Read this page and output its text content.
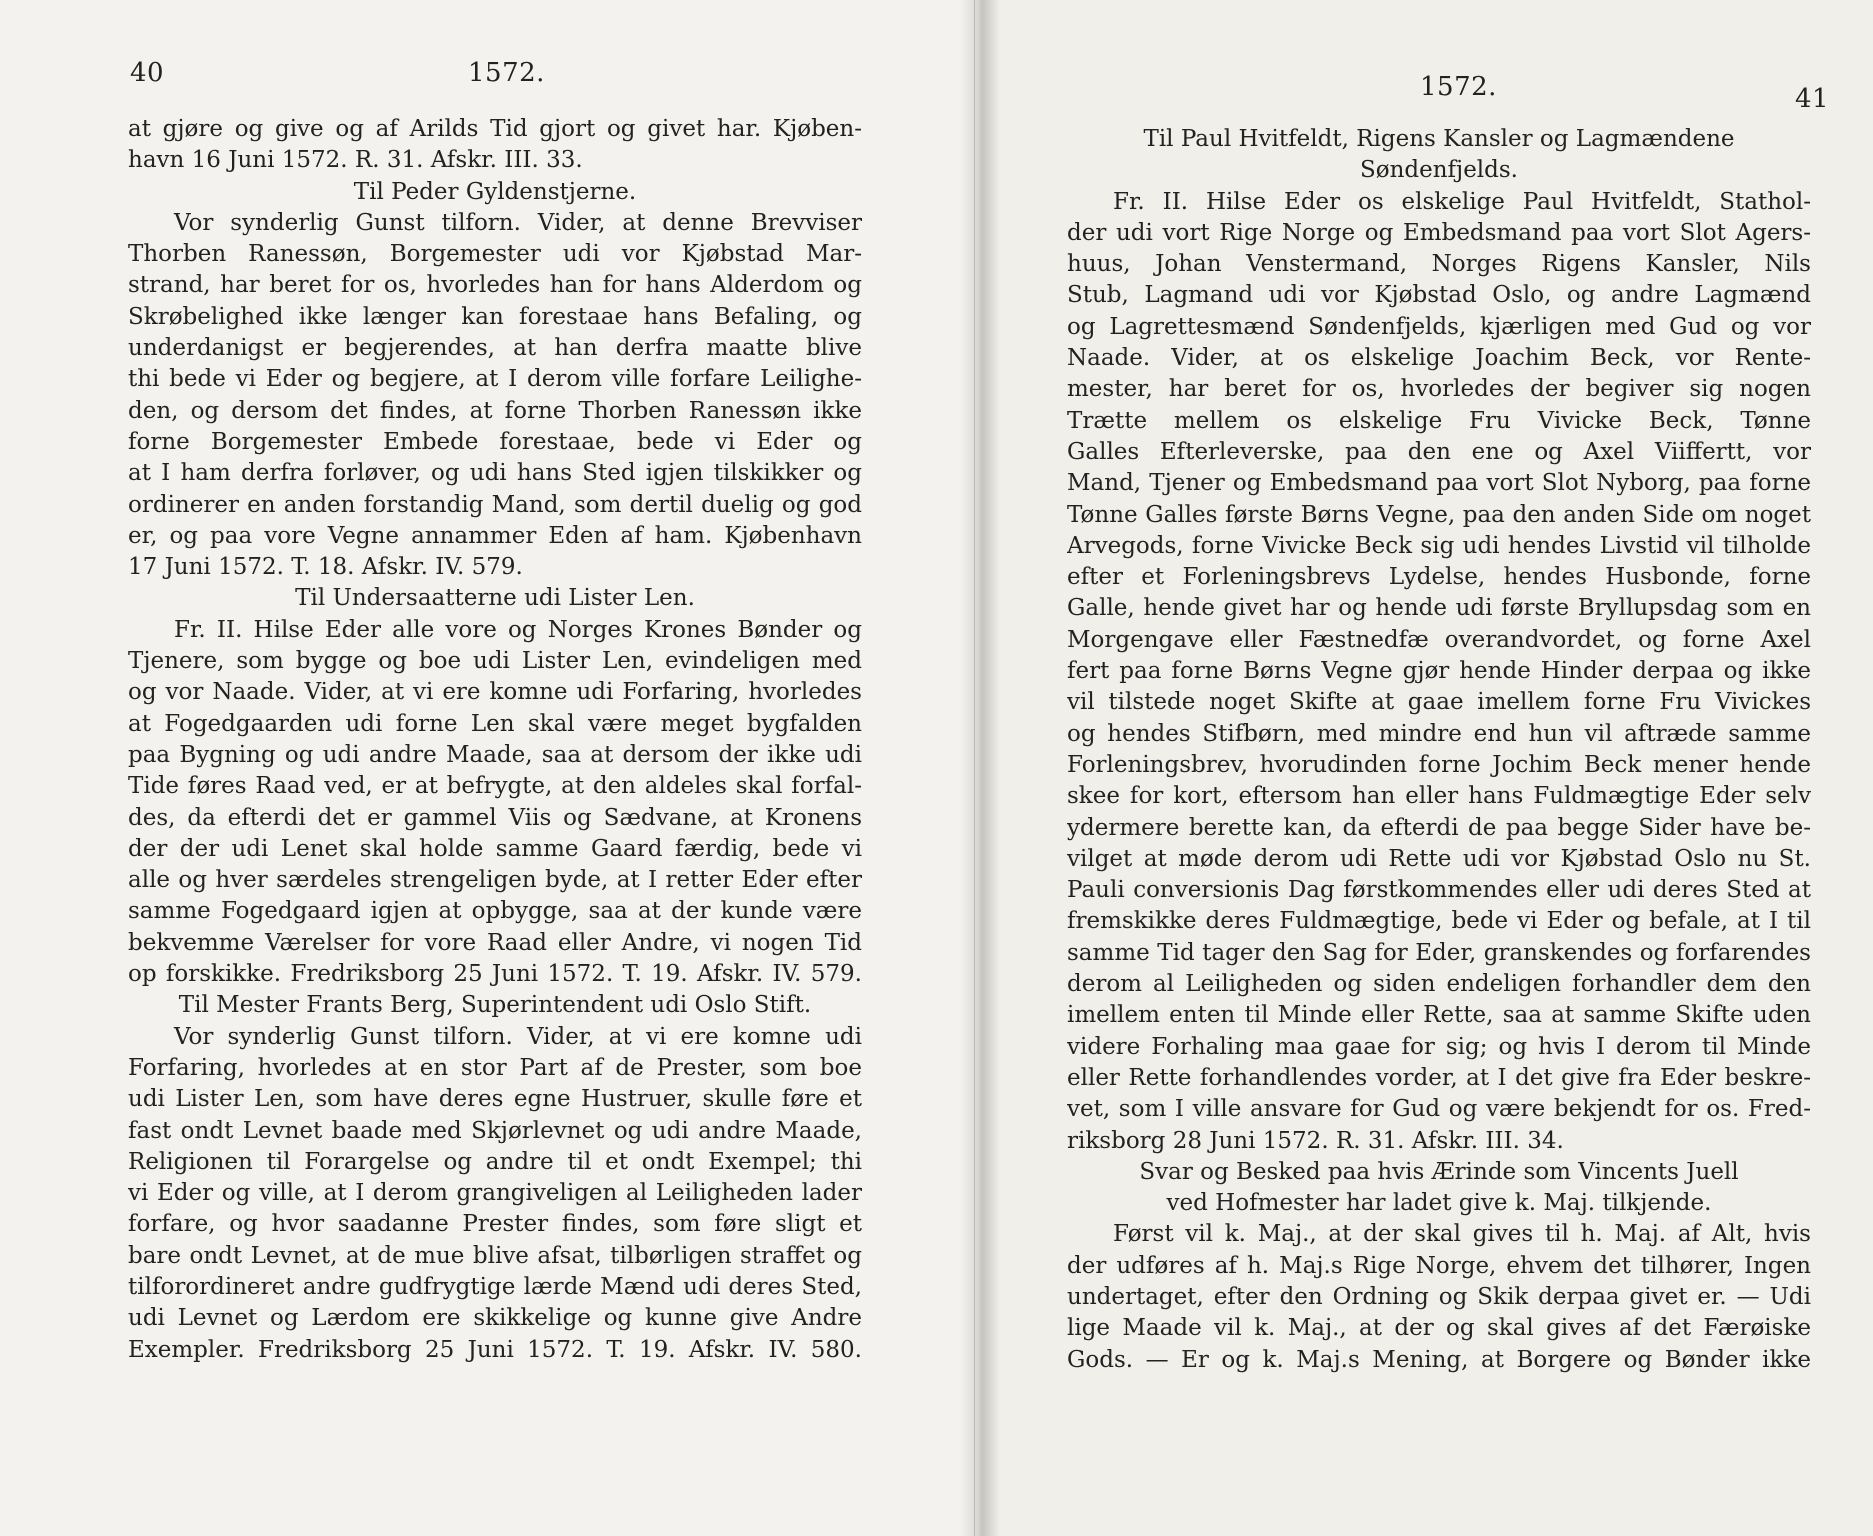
40	1572.
at gjøre og give og af Arilds Tid gjort og givet har. Kjøben-
havn 16 Juni 1572. R. 31. Afskr. III. 33.
Til Peder Gyldenstjerne.
Vor synderlig Gunst tilforn. Vider, at denne Brevviser
Thorben Ranessøn, Borgemester udi vor Kjøbstad Mar-
strand, har beret for os, hvorledes han for hans Alderdom og
Skrøbelighed ikke længer kan forestaae hans Befaling, og
underdanigst er begjerendes, at han derfra maatte blive
thi bede vi Eder og begjere, at I derom ville forfare Leilighe-
den, og dersom det findes, at forne Thorben Ranessøn ikke
forne Borgemester Embede forestaae, bede vi Eder og
at I ham derfra forløver, og udi hans Sted igjen tilskikker og
ordinerer en anden forstandig Mand, som dertil duelig og god
er, og paa vore Vegne annammer Eden af ham. Kjøbenhavn
17 Juni 1572. T. 18. Afskr. IV. 579.
Til Undersaatterne udi Lister Len.
Fr. II. Hilse Eder alle vore og Norges Krones Bønder og
Tjenere, som bygge og boe udi Lister Len, evindeligen med
og vor Naade. Vider, at vi ere komne udi Forfaring, hvorledes
at Fogedgaarden udi forne Len skal være meget bygfalden
paa Bygning og udi andre Maade, saa at dersom der ikke udi
Tide føres Raad ved, er at befrygte, at den aldeles skal forfal-
des, da efterdi det er gammel Viis og Sædvane, at Kronens
der der udi Lenet skal holde samme Gaard færdig, bede vi
alle og hver særdeles strengeligen byde, at I retter Eder efter
samme Fogedgaard igjen at opbygge, saa at der kunde være
bekvemme Værelser for vore Raad eller Andre, vi nogen Tid
op forskikke. Fredriksborg 25 Juni 1572. T. 19. Afskr. IV. 579.
Til Mester Frants Berg, Superintendent udi Oslo Stift.
Vor synderlig Gunst tilforn. Vider, at vi ere komne udi
Forfaring, hvorledes at en stor Part af de Prester, som boe
udi Lister Len, som have deres egne Hustruer, skulle føre et
fast ondt Levnet baade med Skjørlevnet og udi andre Maade,
Religionen til Forargelse og andre til et ondt Exempel; thi
vi Eder og ville, at I derom grangiveligen al Leiligheden lader
forfare, og hvor saadanne Prester findes, som føre sligt et
bare ondt Levnet, at de mue blive afsat, tilbørligen straffet og
tilforordineret andre gudfrygtige lærde Mænd udi deres Sted,
udi Levnet og Lærdom ere skikkelige og kunne give Andre
Exempler. Fredriksborg 25 Juni 1572. T. 19. Afskr. IV. 580.
1572.	41
Til Paul Hvitfeldt, Rigens Kansler og Lagmændene
Søndenfjelds.
Fr. II. Hilse Eder os elskelige Paul Hvitfeldt, Stathol-
der udi vort Rige Norge og Embedsmand paa vort Slot Agers-
huus, Johan Venstermand, Norges Rigens Kansler, Nils
Stub, Lagmand udi vor Kjøbstad Oslo, og andre Lagmænd
og Lagrettesmænd Søndenfjelds, kjærligen med Gud og vor
Naade. Vider, at os elskelige Joachim Beck, vor Rente-
mester, har beret for os, hvorledes der begiver sig nogen
Trætte mellem os elskelige Fru Vivicke Beck, Tønne
Galles Efterleverske, paa den ene og Axel Viiffertt, vor
Mand, Tjener og Embedsmand paa vort Slot Nyborg, paa forne
Tønne Galles første Børns Vegne, paa den anden Side om noget
Arvegods, forne Vivicke Beck sig udi hendes Livstid vil tilholde
efter et Forleningsbrevs Lydelse, hendes Husbonde, forne
Galle, hende givet har og hende udi første Bryllupsdag som en
Morgengave eller Fæstnedfæ overandvordet, og forne Axel
fert paa forne Børns Vegne gjør hende Hinder derpaa og ikke
vil tilstede noget Skifte at gaae imellem forne Fru Vivickes
og hendes Stifbørn, med mindre end hun vil aftræde samme
Forleningsbrev, hvorudinden forne Jochim Beck mener hende
skee for kort, eftersom han eller hans Fuldmægtige Eder selv
ydermere berette kan, da efterdi de paa begge Sider have be-
vilget at møde derom udi Rette udi vor Kjøbstad Oslo nu St.
Pauli conversionis Dag førstkommendes eller udi deres Sted at
fremskikke deres Fuldmægtige, bede vi Eder og befale, at I til
samme Tid tager den Sag for Eder, granskendes og forfarendes
derom al Leiligheden og siden endeligen forhandler dem den
imellem enten til Minde eller Rette, saa at samme Skifte uden
videre Forhaling maa gaae for sig; og hvis I derom til Minde
eller Rette forhandlendes vorder, at I det give fra Eder beskre-
vet, som I ville ansvare for Gud og være bekjendt for os. Fred-
riksborg 28 Juni 1572. R. 31. Afskr. III. 34.
Svar og Besked paa hvis Ærinde som Vincents Juell
ved Hofmester har ladet give k. Maj. tilkjende.
Først vil k. Maj., at der skal gives til h. Maj. af Alt, hvis
der udføres af h. Maj.s Rige Norge, ehvem det tilhører, Ingen
undertaget, efter den Ordning og Skik derpaa givet er. — Udi
lige Maade vil k. Maj., at der og skal gives af det Færøiske
Gods. — Er og k. Maj.s Mening, at Borgere og Bønder ikke
